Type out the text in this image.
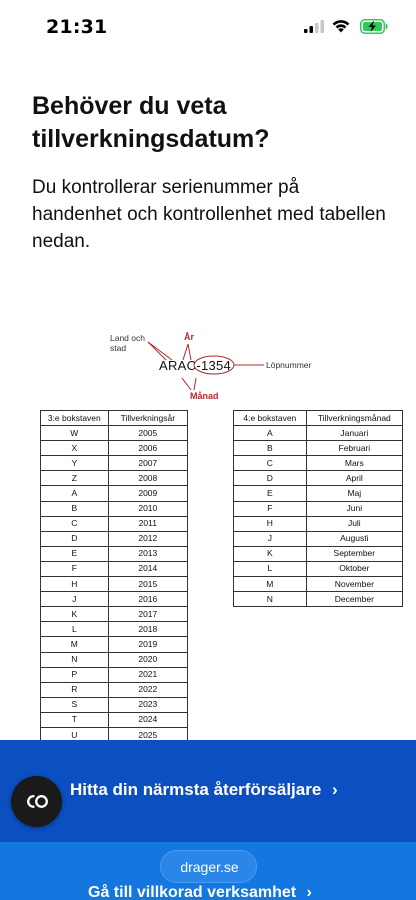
21:31
Behöver du veta tillverkningsdatum?

Du kontrollerar serienummer på handenhet och kontrollenhet med tabellen nedan.

Land och stad
År
ARAC-1354	Löpnummer
Månad
3:e bokstaven	Tillverkningsår
W	2005
X	2006
Y	2007
Z	2008
A	2009
B	2010
C	2011
D	2012
E	2013
F	2014
H	2015
J	2016
K	2017
L	2018
M	2019
N	2020
P	2021
R	2022
S	2023
T	2024
U	2025
4:e bokstaven	Tillverkningsmånad
A	Januari
B	Februari
C	Mars
D	April
E	Maj
F	Juni
H	Juli
J	Augusti
K	September
L	Oktober
M	November
N	December
Hitta din närmsta återförsäljare ›
drager.se
Gå till villkorad verksamhet ›
